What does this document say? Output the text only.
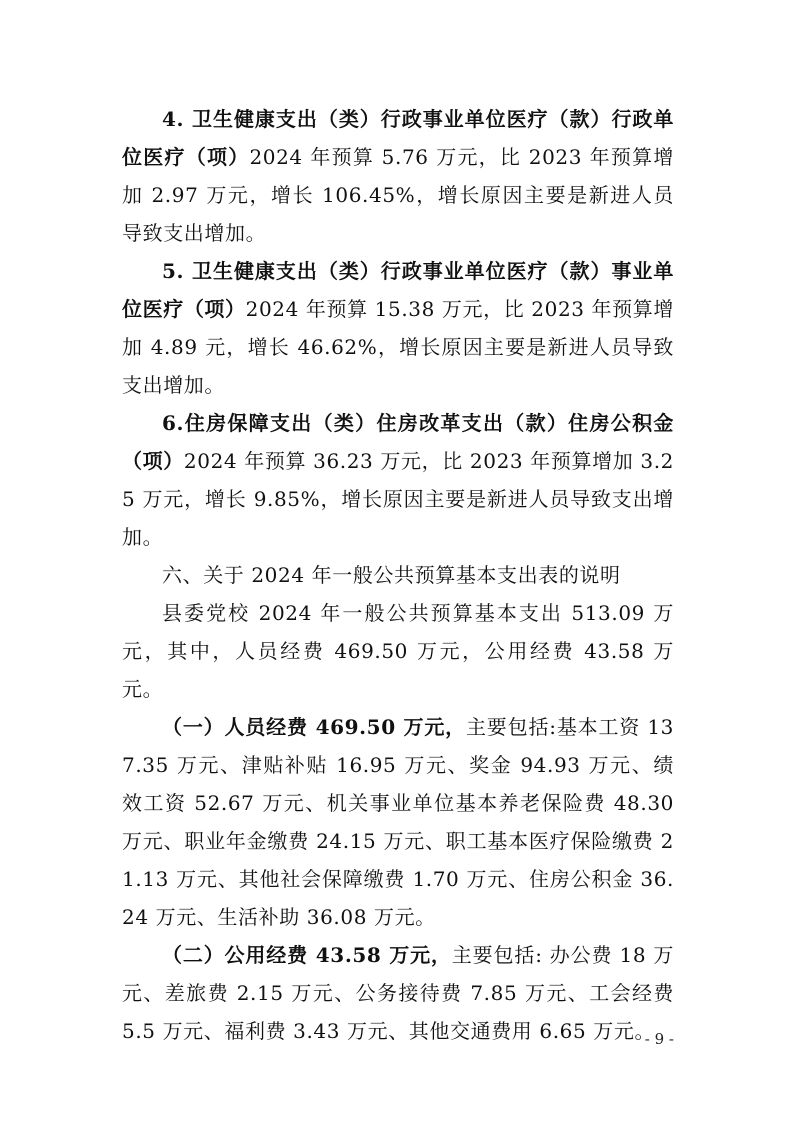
4. 卫生健康支出（类）行政事业单位医疗（款）行政单位医疗（项）2024 年预算 5.76 万元，比 2023 年预算增加 2.97 万元，增长 106.45%，增长原因主要是新进人员导致支出增加。

5. 卫生健康支出（类）行政事业单位医疗（款）事业单位医疗（项）2024 年预算 15.38 万元，比 2023 年预算增加 4.89 元，增长 46.62%，增长原因主要是新进人员导致支出增加。

6.住房保障支出（类）住房改革支出（款）住房公积金（项）2024 年预算 36.23 万元，比 2023 年预算增加 3.25 万元，增长 9.85%，增长原因主要是新进人员导致支出增加。

六、关于 2024 年一般公共预算基本支出表的说明

县委党校 2024 年一般公共预算基本支出 513.09 万元，其中，人员经费 469.50 万元，公用经费 43.58 万元。

（一）人员经费 469.50 万元，主要包括:基本工资 137.35 万元、津贴补贴 16.95 万元、奖金 94.93 万元、绩效工资 52.67 万元、机关事业单位基本养老保险费 48.30 万元、职业年金缴费 24.15 万元、职工基本医疗保险缴费 21.13 万元、其他社会保障缴费 1.70 万元、住房公积金 36.24 万元、生活补助 36.08 万元。

（二）公用经费 43.58 万元，主要包括: 办公费 18 万元、差旅费 2.15 万元、公务接待费 7.85 万元、工会经费 5.5 万元、福利费 3.43 万元、其他交通费用 6.65 万元。

- 9 -
